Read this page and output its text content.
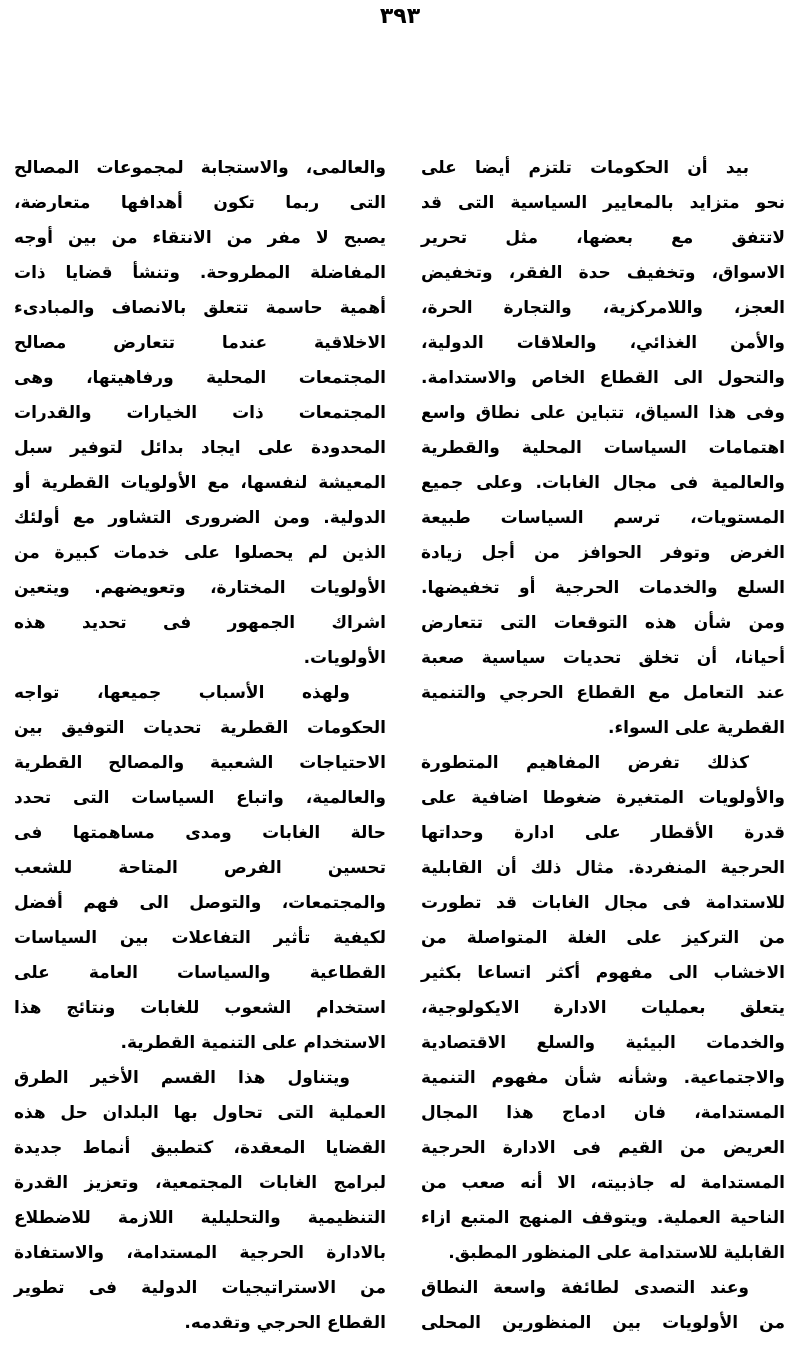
٣٩٣
بيد أن الحكومات تلتزم أيضا على
نحو متزايد بالمعايير السياسية التى قد
لاتتفق مع بعضها، مثل تحرير
الاسواق، وتخفيف حدة الفقر، وتخفيض
العجز، واللامركزية، والتجارة الحرة،
والأمن الغذائي، والعلاقات الدولية،
والتحول الى القطاع الخاص والاستدامة.
وفى هذا السياق، تتباين على نطاق واسع
اهتمامات السياسات المحلية والقطرية
والعالمية فى مجال الغابات. وعلى جميع
المستويات، ترسم السياسات طبيعة
الغرض وتوفر الحوافز من أجل زيادة
السلع والخدمات الحرجية أو تخفيضها.
ومن شأن هذه التوقعات التى تتعارض
أحيانا، أن تخلق تحديات سياسية صعبة
عند التعامل مع القطاع الحرجي والتنمية
القطرية على السواء.
كذلك تفرض المفاهيم المتطورة
والأولويات المتغيرة ضغوطا اضافية على
قدرة الأقطار على ادارة وحداتها
الحرجية المنفردة. مثال ذلك أن القابلية
للاستدامة فى مجال الغابات قد تطورت
من التركيز على الغلة المتواصلة من
الاخشاب الى مفهوم أكثر اتساعا بكثير
يتعلق بعمليات الادارة الايكولوجية،
والخدمات البيئية والسلع الاقتصادية
والاجتماعية. وشأنه شأن مفهوم التنمية
المستدامة، فان ادماج هذا المجال
العريض من القيم فى الادارة الحرجية
المستدامة له جاذبيته، الا أنه صعب من
الناحية العملية. ويتوقف المنهج المتبع ازاء
القابلية للاستدامة على المنظور المطبق.
وعند التصدى لطائفة واسعة النطاق
من الأولويات بين المنظورين المحلى
والعالمى، والاستجابة لمجموعات المصالح
التى ربما تكون أهدافها متعارضة،
يصبح لا مفر من الانتقاء من بين أوجه
المفاضلة المطروحة. وتنشأ قضايا ذات
أهمية حاسمة تتعلق بالانصاف والمبادىء
الاخلاقية عندما تتعارض مصالح
المجتمعات المحلية ورفاهيتها، وهى
المجتمعات ذات الخيارات والقدرات
المحدودة على ايجاد بدائل لتوفير سبل
المعيشة لنفسها، مع الأولويات القطرية أو
الدولية. ومن الضرورى التشاور مع أولئك
الذين لم يحصلوا على خدمات كبيرة من
الأولويات المختارة، وتعويضهم. ويتعين
اشراك الجمهور فى تحديد هذه
الأولويات.
ولهذه الأسباب جميعها، تواجه
الحكومات القطرية تحديات التوفيق بين
الاحتياجات الشعبية والمصالح القطرية
والعالمية، واتباع السياسات التى تحدد
حالة الغابات ومدى مساهمتها فى
تحسين الفرص المتاحة للشعب
والمجتمعات، والتوصل الى فهم أفضل
لكيفية تأثير التفاعلات بين السياسات
القطاعية والسياسات العامة على
استخدام الشعوب للغابات ونتائج هذا
الاستخدام على التنمية القطرية.
ويتناول هذا القسم الأخير الطرق
العملية التى تحاول بها البلدان حل هذه
القضايا المعقدة، كتطبيق أنماط جديدة
لبرامج الغابات المجتمعية، وتعزيز القدرة
التنظيمية والتحليلية اللازمة للاضطلاع
بالادارة الحرجية المستدامة، والاستفادة
من الاستراتيجيات الدولية فى تطوير
القطاع الحرجي وتقدمه.
